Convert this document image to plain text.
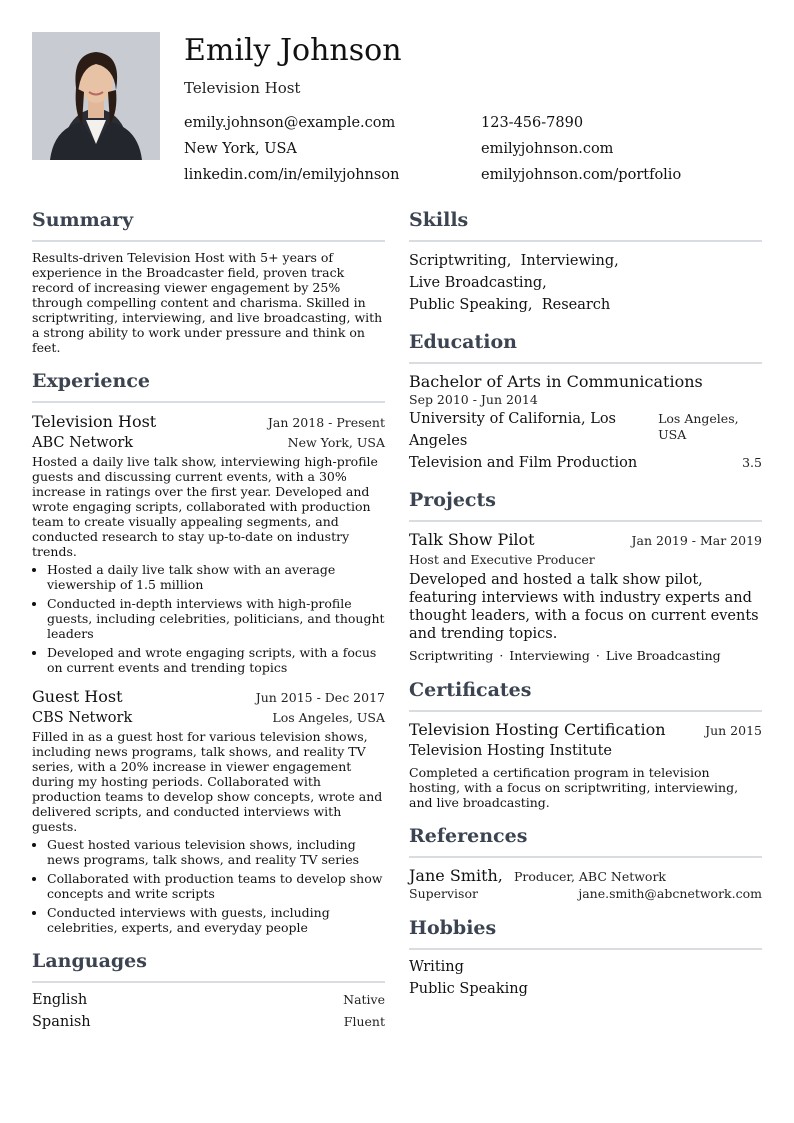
Emily Johnson
Television Host
emily.johnson@example.com	123-456-7890
New York, USA	emilyjohnson.com
linkedin.com/in/emilyjohnson	emilyjohnson.com/portfolio
Summary
Results-driven Television Host with 5+ years of experience in the Broadcaster field, proven track record of increasing viewer engagement by 25% through compelling content and charisma. Skilled in scriptwriting, interviewing, and live broadcasting, with a strong ability to work under pressure and think on feet.
Experience
Television Host	Jan 2018 - Present
ABC Network	New York, USA
Hosted a daily live talk show, interviewing high-profile guests and discussing current events, with a 30% increase in ratings over the first year. Developed and wrote engaging scripts, collaborated with production team to create visually appealing segments, and conducted research to stay up-to-date on industry trends.
• Hosted a daily live talk show with an average viewership of 1.5 million
• Conducted in-depth interviews with high-profile guests, including celebrities, politicians, and thought leaders
• Developed and wrote engaging scripts, with a focus on current events and trending topics
Guest Host	Jun 2015 - Dec 2017
CBS Network	Los Angeles, USA
Filled in as a guest host for various television shows, including news programs, talk shows, and reality TV series, with a 20% increase in viewer engagement during my hosting periods. Collaborated with production teams to develop show concepts, wrote and delivered scripts, and conducted interviews with guests.
• Guest hosted various television shows, including news programs, talk shows, and reality TV series
• Collaborated with production teams to develop show concepts and write scripts
• Conducted interviews with guests, including celebrities, experts, and everyday people
Languages
English	Native
Spanish	Fluent
Skills
Scriptwriting, Interviewing,  Live Broadcasting,
Public Speaking, Research
Education
Bachelor of Arts in Communications
Sep 2010 - Jun 2014
University of California, Los Angeles
Los Angeles, USA
Television and Film Production	3.5
Projects
Talk Show Pilot	Jan 2019 - Mar 2019
Host and Executive Producer
Developed and hosted a talk show pilot, featuring interviews with industry experts and thought leaders, with a focus on current events and trending topics.
Scriptwriting · Interviewing · Live Broadcasting
Certificates
Television Hosting Certification	Jun 2015
Television Hosting Institute
Completed a certification program in television hosting, with a focus on scriptwriting, interviewing, and live broadcasting.
References
Jane Smith, Producer, ABC Network
Supervisor	jane.smith@abcnetwork.com
Hobbies
Writing
Public Speaking
